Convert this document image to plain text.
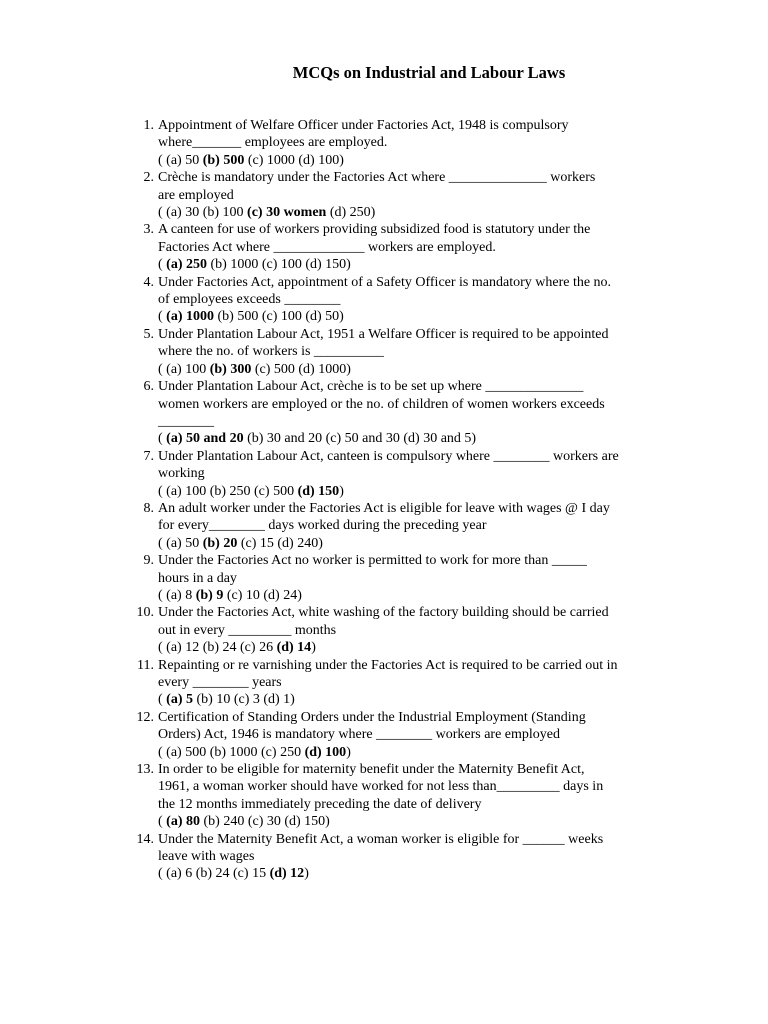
MCQs on Industrial and Labour Laws
1. Appointment of Welfare Officer under Factories Act, 1948 is compulsory
where_______ employees are employed.
( (a) 50 (b) 500 (c) 1000 (d) 100)
2. Crèche is mandatory under the Factories Act where ______________ workers
are employed
( (a) 30 (b) 100 (c) 30 women (d) 250)
3. A canteen for use of workers providing subsidized food is statutory under the
Factories Act where _____________ workers are employed.
( (a) 250 (b) 1000 (c) 100 (d) 150)
4. Under Factories Act, appointment of a Safety Officer is mandatory where the no.
of employees exceeds ________
( (a) 1000 (b) 500 (c) 100 (d) 50)
5. Under Plantation Labour Act, 1951 a Welfare Officer is required to be appointed
where the no. of workers is __________
( (a) 100 (b) 300 (c) 500 (d) 1000)
6. Under Plantation Labour Act, crèche is to be set up where ______________
women workers are employed or the no. of children of women workers exceeds
________
( (a) 50 and 20 (b) 30 and 20 (c) 50 and 30 (d) 30 and 5)
7. Under Plantation Labour Act, canteen is compulsory where ________ workers are
working
( (a) 100 (b) 250 (c) 500 (d) 150)
8. An adult worker under the Factories Act is eligible for leave with wages @ I day
for every________ days worked during the preceding year
( (a) 50 (b) 20 (c) 15 (d) 240)
9. Under the Factories Act no worker is permitted to work for more than _____
hours in a day
( (a) 8 (b) 9 (c) 10 (d) 24)
10. Under the Factories Act, white washing of the factory building should be carried
out in every _________ months
( (a) 12 (b) 24 (c) 26 (d) 14)
11. Repainting or re varnishing under the Factories Act is required to be carried out in
every ________ years
( (a) 5 (b) 10 (c) 3 (d) 1)
12. Certification of Standing Orders under the Industrial Employment (Standing
Orders) Act, 1946 is mandatory where ________ workers are employed
( (a) 500 (b) 1000 (c) 250 (d) 100)
13. In order to be eligible for maternity benefit under the Maternity Benefit Act,
1961, a woman worker should have worked for not less than_________ days in
the 12 months immediately preceding the date of delivery
( (a) 80 (b) 240 (c) 30 (d) 150)
14. Under the Maternity Benefit Act, a woman worker is eligible for ______ weeks
leave with wages
( (a) 6 (b) 24 (c) 15 (d) 12)
